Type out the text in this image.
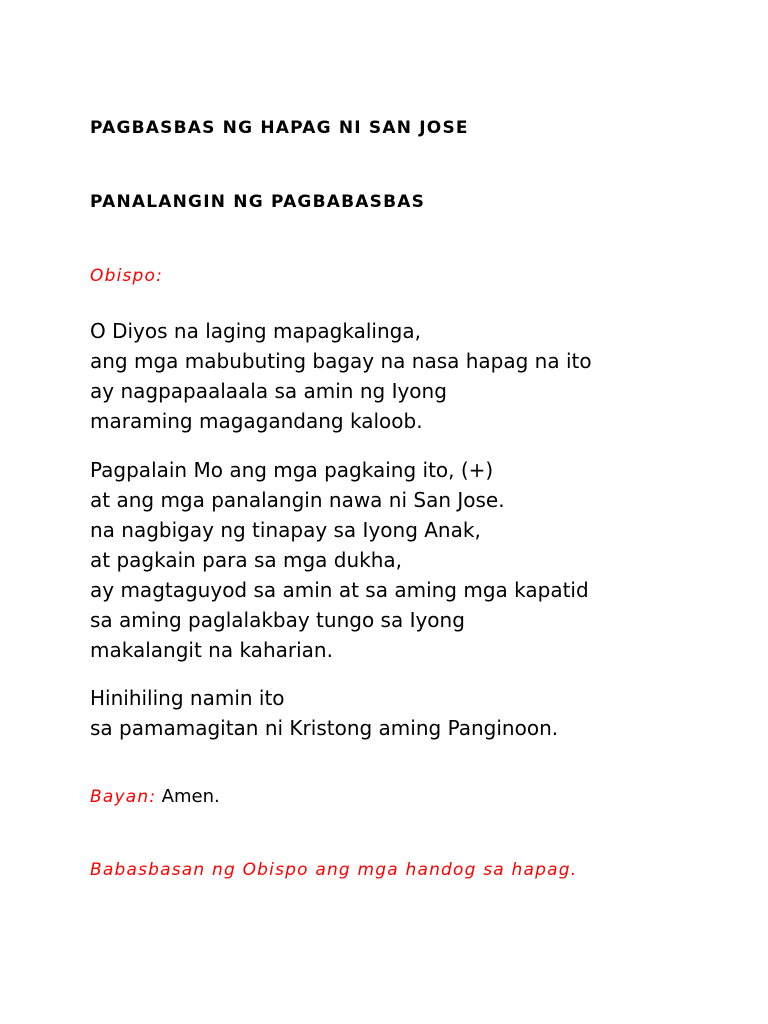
PAGBASBAS NG HAPAG NI SAN JOSE
PANALANGIN NG PAGBABASBAS

Obispo:

O Diyos na laging mapagkalinga,
ang mga mabubuting bagay na nasa hapag na ito
ay nagpapaalaala sa amin ng Iyong
maraming magagandang kaloob.

Pagpalain Mo ang mga pagkaing ito, (+)
at ang mga panalangin nawa ni San Jose.
na nagbigay ng tinapay sa Iyong Anak,
at pagkain para sa mga dukha,
ay magtaguyod sa amin at sa aming mga kapatid
sa aming paglalakbay tungo sa Iyong
makalangit na kaharian.

Hinihiling namin ito
sa pamamagitan ni Kristong aming Panginoon.

Bayan: Amen.

Babasbasan ng Obispo ang mga handog sa hapag.
